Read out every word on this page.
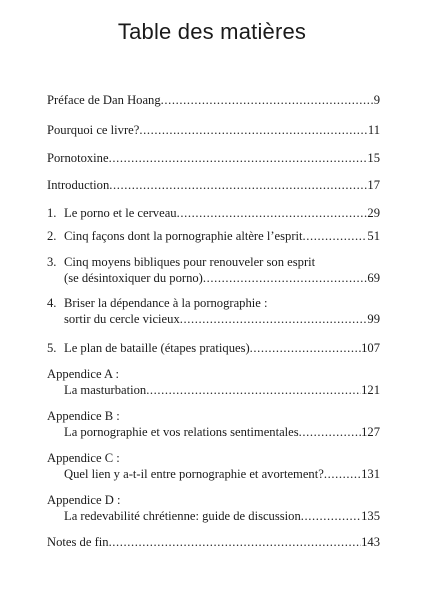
Table des matières
Préface de Dan Hoang .....	9
Pourquoi ce livre? .....	11
Pornotoxine .....	15
Introduction .....	17
1. Le porno et le cerveau .....	29
2. Cinq façons dont la pornographie altère l’esprit .....	51
3. Cinq moyens bibliques pour renouveler son esprit
(se désintoxiquer du porno) .....	69
4. Briser la dépendance à la pornographie :
sortir du cercle vicieux .....	99
5. Le plan de bataille (étapes pratiques) .....	107
Appendice A :
La masturbation .....	121
Appendice B :
La pornographie et vos relations sentimentales .....	127
Appendice C :
Quel lien y a-t-il entre pornographie et avortement? .....	131
Appendice D :
La redevabilité chrétienne: guide de discussion .....	135
Notes de fin .....	143
